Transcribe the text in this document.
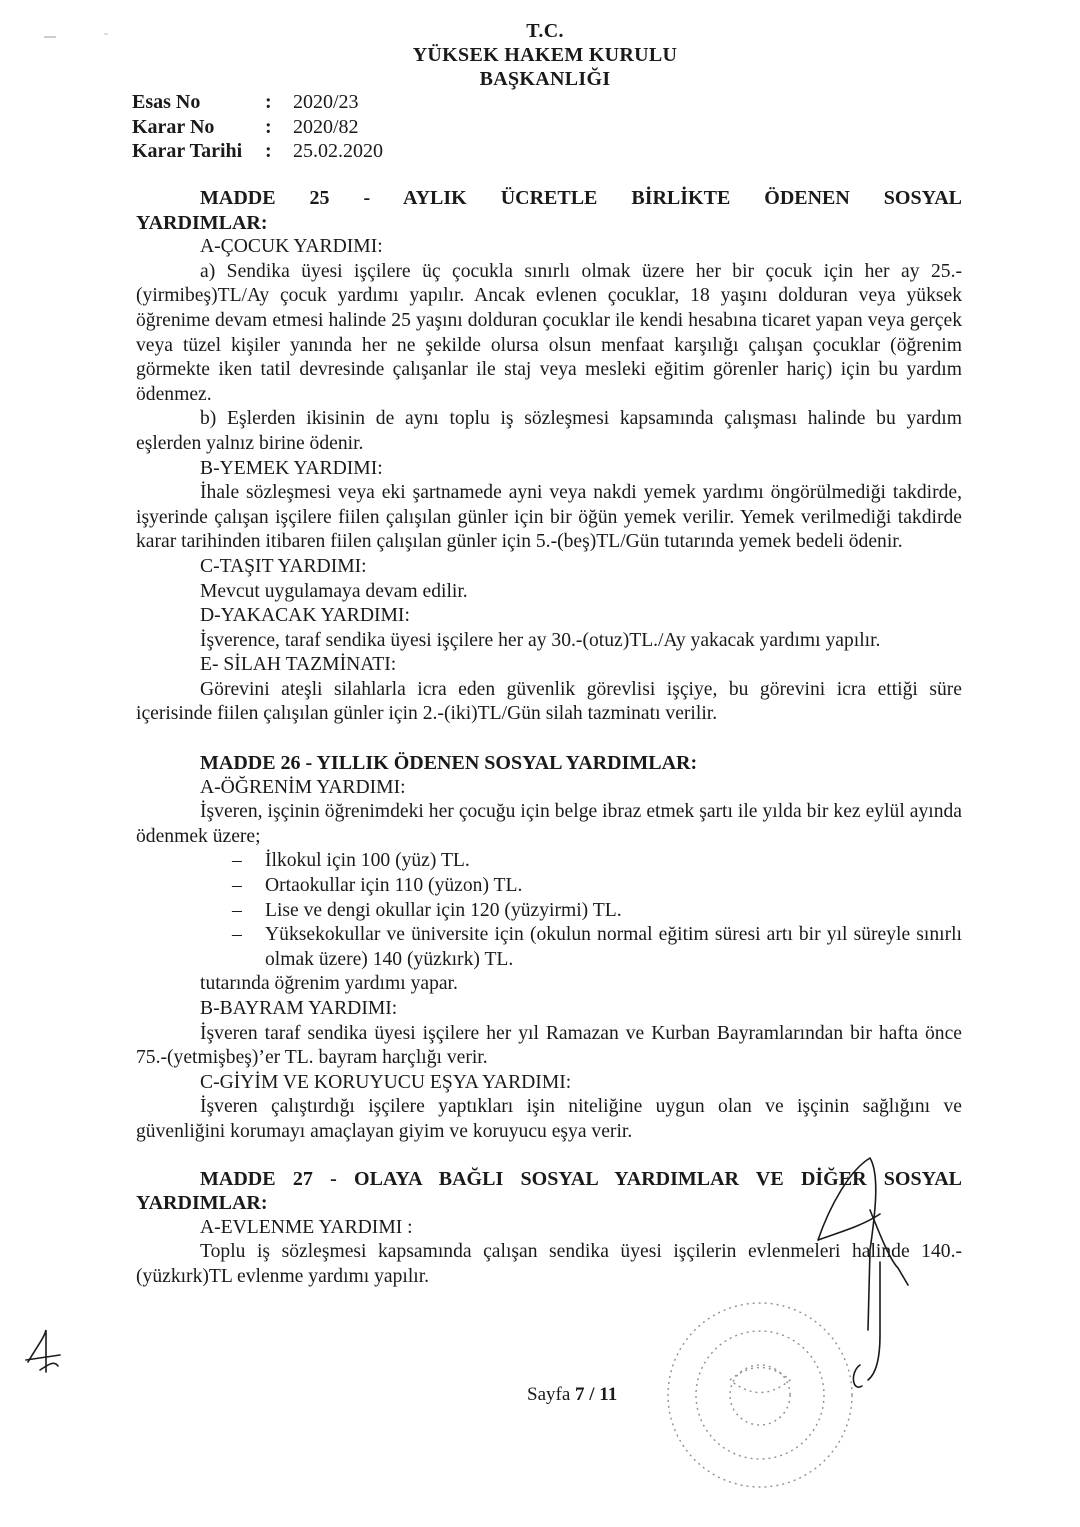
T.C.
YÜKSEK HAKEM KURULU
BAŞKANLIĞI
Esas No	:	2020/23
Karar No	:	2020/82
Karar Tarihi	:	25.02.2020
MADDE 25 - AYLIK ÜCRETLE BİRLİKTE ÖDENEN SOSYAL
YARDIMLAR:
A-ÇOCUK YARDIMI:

a) Sendika üyesi işçilere üç çocukla sınırlı olmak üzere her bir çocuk için her ay 25.-(yirmibeş)TL/Ay çocuk yardımı yapılır. Ancak evlenen çocuklar, 18 yaşını dolduran veya yüksek öğrenime devam etmesi halinde 25 yaşını dolduran çocuklar ile kendi hesabına ticaret yapan veya gerçek veya tüzel kişiler yanında her ne şekilde olursa olsun menfaat karşılığı çalışan çocuklar (öğrenim görmekte iken tatil devresinde çalışanlar ile staj veya mesleki eğitim görenler hariç) için bu yardım ödenmez.

b) Eşlerden ikisinin de aynı toplu iş sözleşmesi kapsamında çalışması halinde bu yardım eşlerden yalnız birine ödenir.

B-YEMEK YARDIMI:

İhale sözleşmesi veya eki şartnamede ayni veya nakdi yemek yardımı öngörülmediği takdirde, işyerinde çalışan işçilere fiilen çalışılan günler için bir öğün yemek verilir. Yemek verilmediği takdirde karar tarihinden itibaren fiilen çalışılan günler için 5.-(beş)TL/Gün tutarında yemek bedeli ödenir.

C-TAŞIT YARDIMI:

Mevcut uygulamaya devam edilir.

D-YAKACAK YARDIMI:

İşverence, taraf sendika üyesi işçilere her ay 30.-(otuz)TL./Ay yakacak yardımı yapılır.

E- SİLAH TAZMİNATI:

Görevini ateşli silahlarla icra eden güvenlik görevlisi işçiye, bu görevini icra ettiği süre içerisinde fiilen çalışılan günler için 2.-(iki)TL/Gün silah tazminatı verilir.

MADDE 26 - YILLIK ÖDENEN SOSYAL YARDIMLAR:
A-ÖĞRENİM YARDIMI:

İşveren, işçinin öğrenimdeki her çocuğu için belge ibraz etmek şartı ile yılda bir kez eylül ayında ödenmek üzere;

–	İlkokul için 100 (yüz) TL.
–	Ortaokullar için 110 (yüzon) TL.
–	Lise ve dengi okullar için 120 (yüzyirmi) TL.
–	Yüksekokullar ve üniversite için (okulun normal eğitim süresi artı bir yıl süreyle sınırlı olmak üzere) 140 (yüzkırk) TL.
tutarında öğrenim yardımı yapar.
B-BAYRAM YARDIMI:

İşveren taraf sendika üyesi işçilere her yıl Ramazan ve Kurban Bayramlarından bir hafta önce 75.-(yetmişbeş)’er TL. bayram harçlığı verir.

C-GİYİM VE KORUYUCU EŞYA YARDIMI:

İşveren çalıştırdığı işçilere yaptıkları işin niteliğine uygun olan ve işçinin sağlığını ve güvenliğini korumayı amaçlayan giyim ve koruyucu eşya verir.

MADDE 27 - OLAYA BAĞLI SOSYAL YARDIMLAR VE DİĞER SOSYAL
YARDIMLAR:
A-EVLENME YARDIMI :

Toplu iş sözleşmesi kapsamında çalışan sendika üyesi işçilerin evlenmeleri halinde 140.-(yüzkırk)TL evlenme yardımı yapılır.

Sayfa 7 / 11
